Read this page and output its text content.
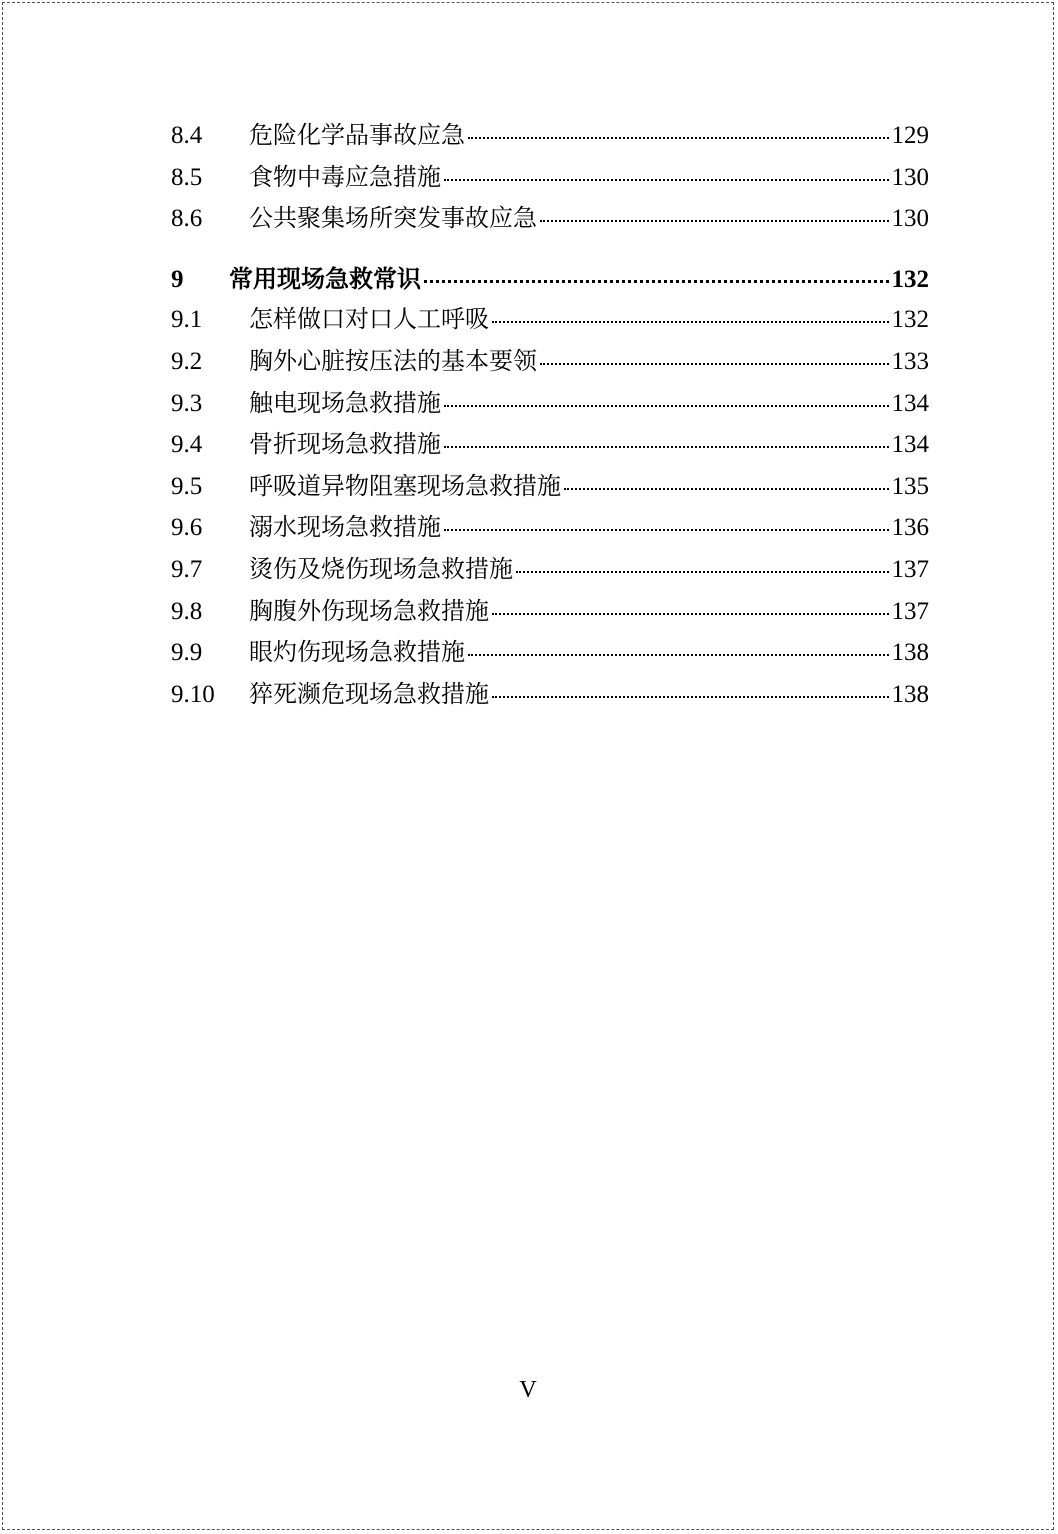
8.4	危险化学品事故应急	129
8.5	食物中毒应急措施	130
8.6	公共聚集场所突发事故应急	130
9	常用现场急救常识	132
9.1	怎样做口对口人工呼吸	132
9.2	胸外心脏按压法的基本要领	133
9.3	触电现场急救措施	134
9.4	骨折现场急救措施	134
9.5	呼吸道异物阻塞现场急救措施	135
9.6	溺水现场急救措施	136
9.7	烫伤及烧伤现场急救措施	137
9.8	胸腹外伤现场急救措施	137
9.9	眼灼伤现场急救措施	138
9.10	猝死濒危现场急救措施	138
V
